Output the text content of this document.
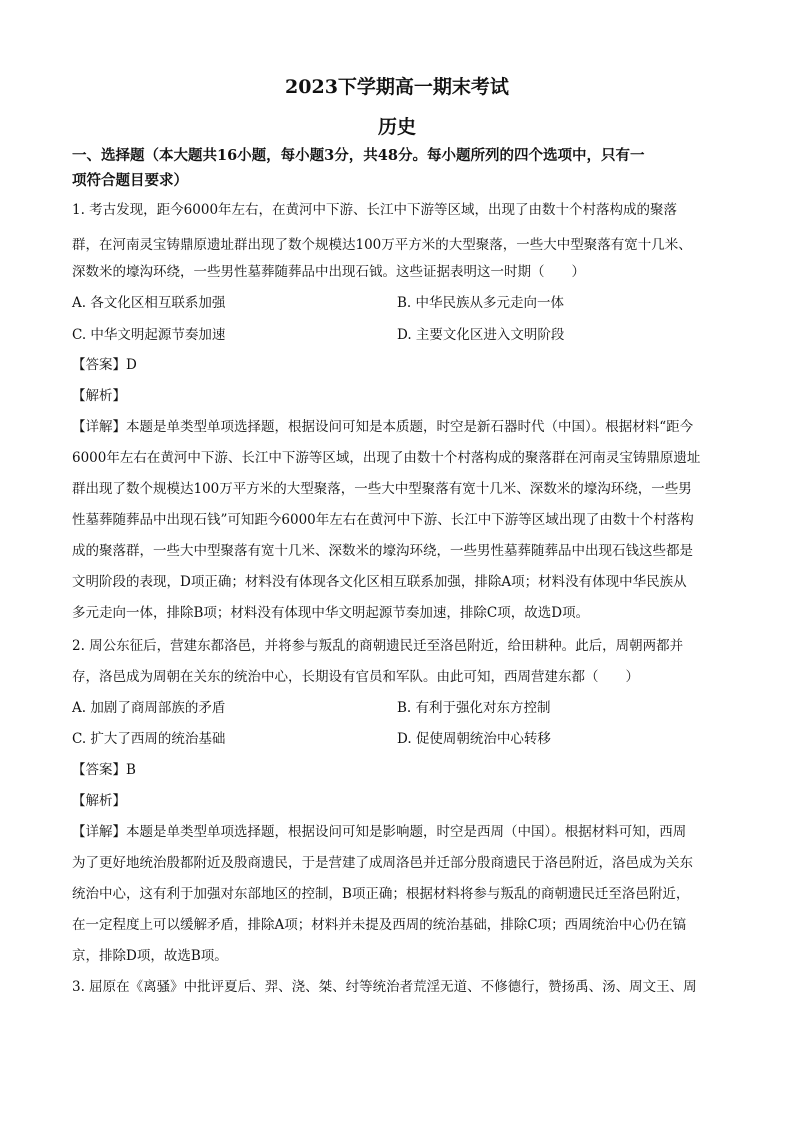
2023下学期高一期末考试
历史
一、选择题（本大题共16小题，每小题3分，共48分。每小题所列的四个选项中，只有一
项符合题目要求）
1. 考古发现，距今6000年左右，在黄河中下游、长江中下游等区域，出现了由数十个村落构成的聚落
群，在河南灵宝铸鼎原遗址群出现了数个规模达100万平方米的大型聚落，一些大中型聚落有宽十几米、
深数米的壕沟环绕，一些男性墓葬随葬品中出现石钺。这些证据表明这一时期（　　）
A. 各文化区相互联系加强	B. 中华民族从多元走向一体
C. 中华文明起源节奏加速	D. 主要文化区进入文明阶段
【答案】D
【解析】
【详解】本题是单类型单项选择题，根据设问可知是本质题，时空是新石器时代（中国）。根据材料“距今
6000年左右在黄河中下游、长江中下游等区域，出现了由数十个村落构成的聚落群在河南灵宝铸鼎原遗址
群出现了数个规模达100万平方米的大型聚落，一些大中型聚落有宽十几米、深数米的壕沟环绕，一些男
性墓葬随葬品中出现石钱”可知距今6000年左右在黄河中下游、长江中下游等区域出现了由数十个村落构
成的聚落群，一些大中型聚落有宽十几米、深数米的壕沟环绕，一些男性墓葬随葬品中出现石钱这些都是
文明阶段的表现，D项正确；材料没有体现各文化区相互联系加强，排除A项；材料没有体现中华民族从
多元走向一体，排除B项；材料没有体现中华文明起源节奏加速，排除C项，故选D项。
2. 周公东征后，营建东都洛邑，并将参与叛乱的商朝遗民迁至洛邑附近，给田耕种。此后，周朝两都并
存，洛邑成为周朝在关东的统治中心，长期设有官员和军队。由此可知，西周营建东都（　　）
A. 加剧了商周部族的矛盾	B. 有利于强化对东方控制
C. 扩大了西周的统治基础	D. 促使周朝统治中心转移
【答案】B
【解析】
【详解】本题是单类型单项选择题，根据设问可知是影响题，时空是西周（中国）。根据材料可知，西周
为了更好地统治殷都附近及殷商遗民，于是营建了成周洛邑并迁部分殷商遗民于洛邑附近，洛邑成为关东
统治中心，这有利于加强对东部地区的控制，B项正确；根据材料将参与叛乱的商朝遗民迁至洛邑附近，
在一定程度上可以缓解矛盾，排除A项；材料并未提及西周的统治基础，排除C项；西周统治中心仍在镐
京，排除D项，故选B项。
3. 屈原在《离骚》中批评夏后、羿、浇、桀、纣等统治者荒淫无道、不修德行，赞扬禹、汤、周文王、周
